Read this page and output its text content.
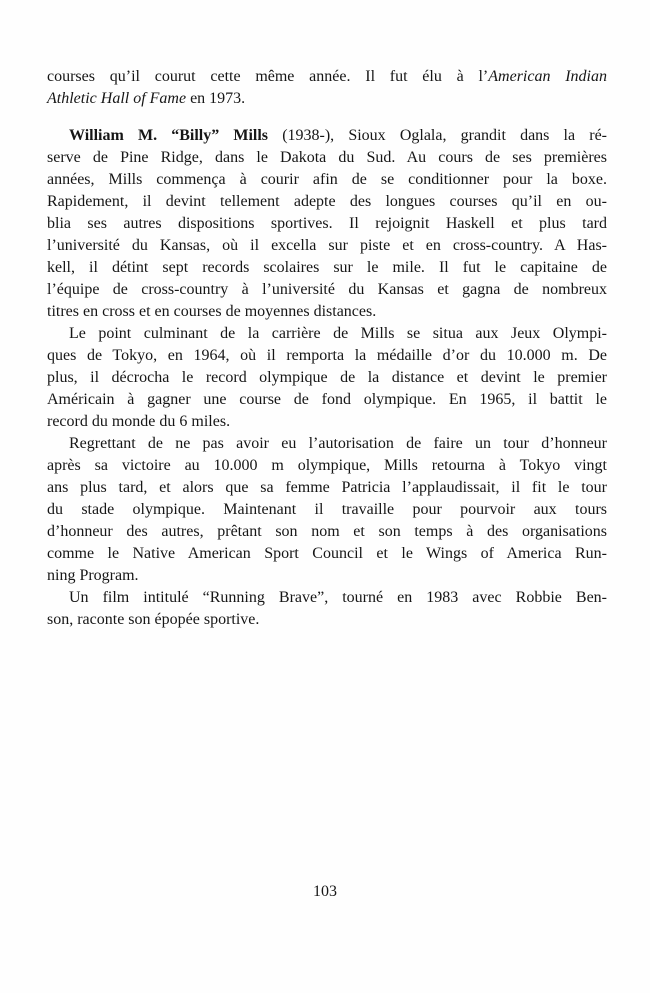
courses qu’il courut cette même année. Il fut élu à l’American Indian
Athletic Hall of Fame en 1973.

William M. “Billy” Mills (1938-), Sioux Oglala, grandit dans la ré-
serve de Pine Ridge, dans le Dakota du Sud. Au cours de ses premières
années, Mills commença à courir afin de se conditionner pour la boxe.
Rapidement, il devint tellement adepte des longues courses qu’il en ou-
blia ses autres dispositions sportives. Il rejoignit Haskell et plus tard
l’université du Kansas, où il excella sur piste et en cross-country. A Has-
kell, il détint sept records scolaires sur le mile. Il fut le capitaine de
l’équipe de cross-country à l’université du Kansas et gagna de nombreux
titres en cross et en courses de moyennes distances.

Le point culminant de la carrière de Mills se situa aux Jeux Olympi-
ques de Tokyo, en 1964, où il remporta la médaille d’or du 10.000 m. De
plus, il décrocha le record olympique de la distance et devint le premier
Américain à gagner une course de fond olympique. En 1965, il battit le
record du monde du 6 miles.

Regrettant de ne pas avoir eu l’autorisation de faire un tour d’honneur
après sa victoire au 10.000 m olympique, Mills retourna à Tokyo vingt
ans plus tard, et alors que sa femme Patricia l’applaudissait, il fit le tour
du stade olympique. Maintenant il travaille pour pourvoir aux tours
d’honneur des autres, prêtant son nom et son temps à des organisations
comme le Native American Sport Council et le Wings of America Run-
ning Program.

Un film intitulé “Running Brave”, tourné en 1983 avec Robbie Ben-
son, raconte son épopée sportive.

103
